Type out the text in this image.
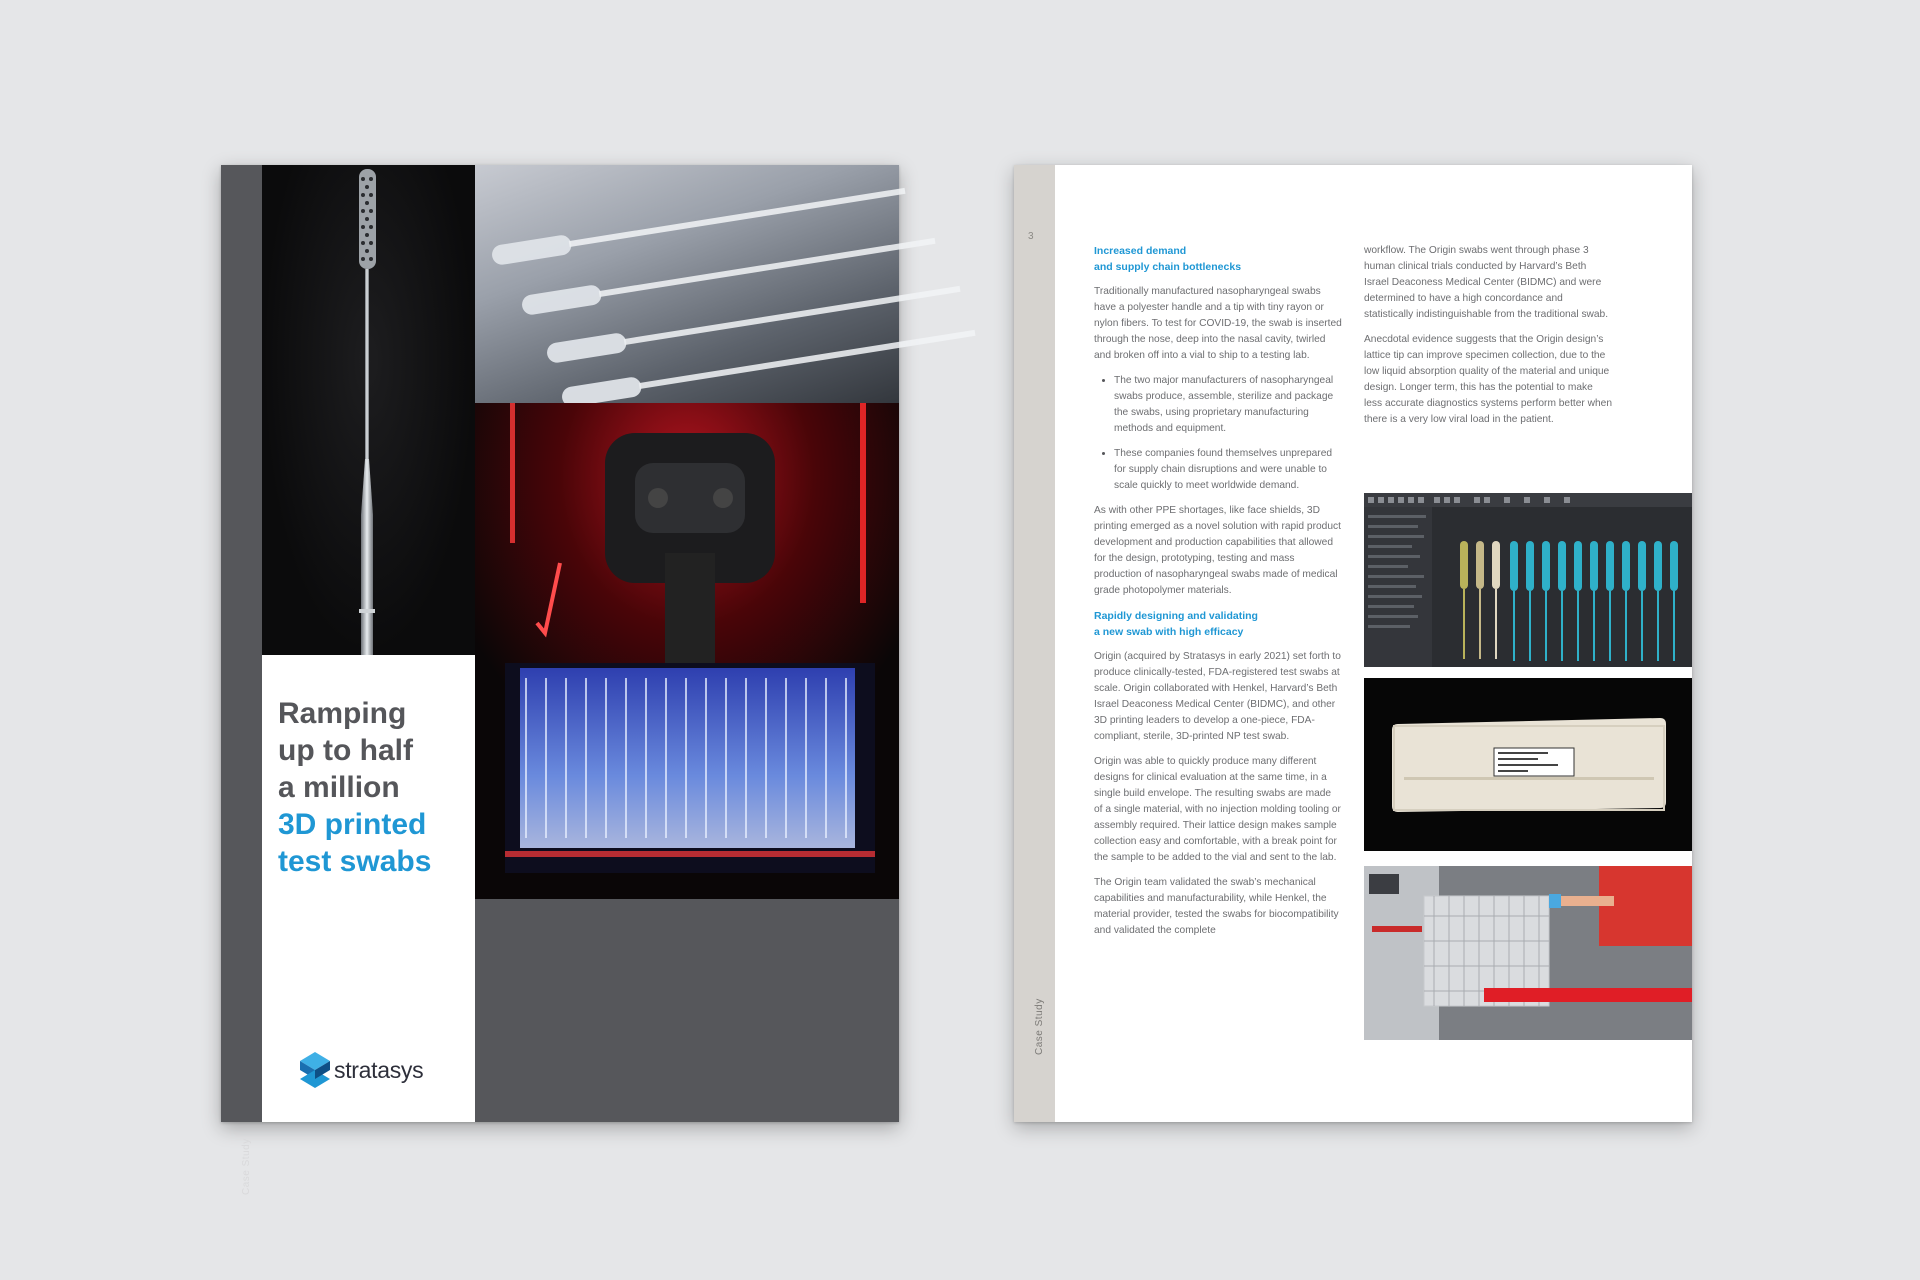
Case Study
Ramping
up to half
a million
3D printed
test swabs
stratasys
3
Case Study
Increased demand
and supply chain bottlenecks

Traditionally manufactured nasopharyngeal swabs have a polyester handle and a tip with tiny rayon or nylon fibers. To test for COVID-19, the swab is inserted through the nose, deep into the nasal cavity, twirled and broken off into a vial to ship to a testing lab.

• The two major manufacturers of nasopharyngeal swabs produce, assemble, sterilize and package the swabs, using proprietary manufacturing methods and equipment.
• These companies found themselves unprepared for supply chain disruptions and were unable to scale quickly to meet worldwide demand.

As with other PPE shortages, like face shields, 3D printing emerged as a novel solution with rapid product development and production capabilities that allowed for the design, prototyping, testing and mass production of nasopharyngeal swabs made of medical grade photopolymer materials.

Rapidly designing and validating
a new swab with high efficacy

Origin (acquired by Stratasys in early 2021) set forth to produce clinically-tested, FDA-registered test swabs at scale. Origin collaborated with Henkel, Harvard’s Beth Israel Deaconess Medical Center (BIDMC), and other 3D printing leaders to develop a one-piece, FDA-compliant, sterile, 3D-printed NP test swab.

Origin was able to quickly produce many different designs for clinical evaluation at the same time, in a single build envelope. The resulting swabs are made of a single material, with no injection molding tooling or assembly required. Their lattice design makes sample collection easy and comfortable, with a break point for the sample to be added to the vial and sent to the lab.

The Origin team validated the swab’s mechanical capabilities and manufacturability, while Henkel, the material provider, tested the swabs for biocompatibility and validated the complete

workflow. The Origin swabs went through phase 3 human clinical trials conducted by Harvard’s Beth Israel Deaconess Medical Center (BIDMC) and were determined to have a high concordance and statistically indistinguishable from the traditional swab.

Anecdotal evidence suggests that the Origin design’s lattice tip can improve specimen collection, due to the low liquid absorption quality of the material and unique design. Longer term, this has the potential to make less accurate diagnostics systems perform better when there is a very low viral load in the patient.
